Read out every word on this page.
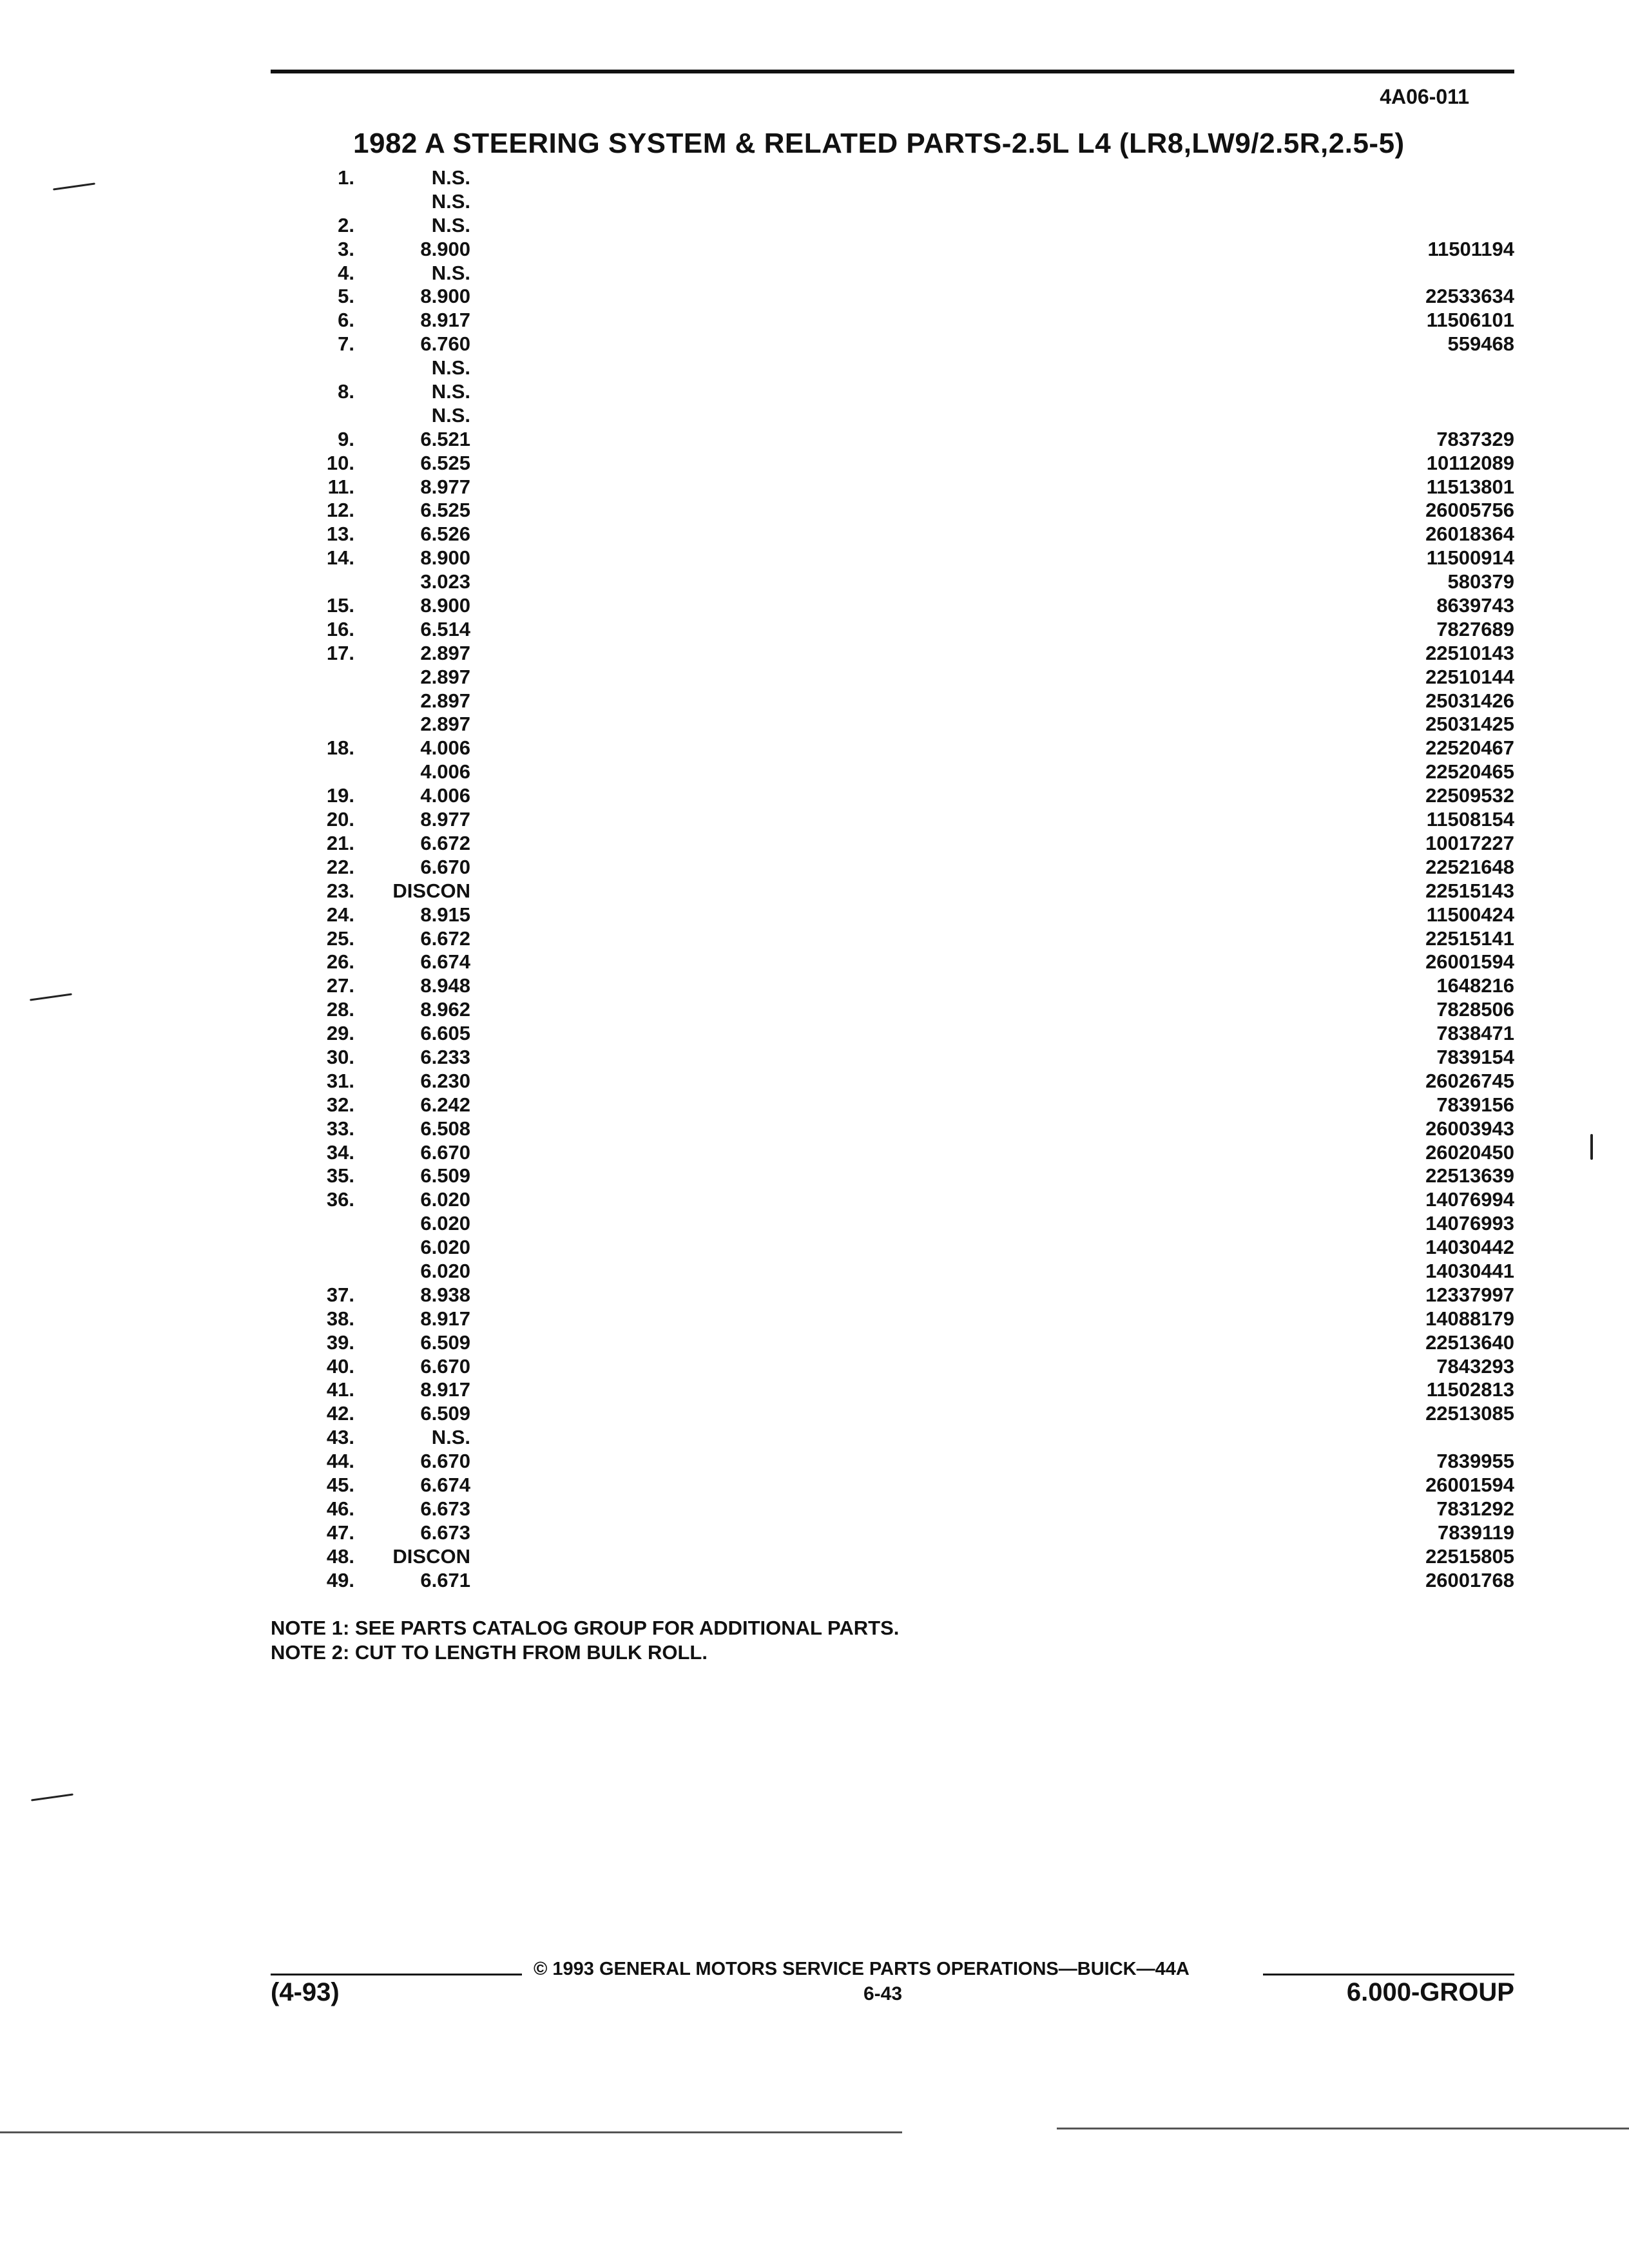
4A06-011
1982 A STEERING SYSTEM & RELATED PARTS-2.5L L4 (LR8,LW9/2.5R,2.5-5)
1.	N.S.
N.S.
2.	N.S.
3.	8.900	11501194
4.	N.S.
5.	8.900	22533634
6.	8.917	11506101
7.	6.760	559468
N.S.
8.	N.S.
N.S.
9.	6.521	7837329
10.	6.525	10112089
11.	8.977	11513801
12.	6.525	26005756
13.	6.526	26018364
14.	8.900	11500914
3.023	580379
15.	8.900	8639743
16.	6.514	7827689
17.	2.897	22510143
2.897	22510144
2.897	25031426
2.897	25031425
18.	4.006	22520467
4.006	22520465
19.	4.006	22509532
20.	8.977	11508154
21.	6.672	10017227
22.	6.670	22521648
23.	DISCON	22515143
24.	8.915	11500424
25.	6.672	22515141
26.	6.674	26001594
27.	8.948	1648216
28.	8.962	7828506
29.	6.605	7838471
30.	6.233	7839154
31.	6.230	26026745
32.	6.242	7839156
33.	6.508	26003943
34.	6.670	26020450
35.	6.509	22513639
36.	6.020	14076994
6.020	14076993
6.020	14030442
6.020	14030441
37.	8.938	12337997
38.	8.917	14088179
39.	6.509	22513640
40.	6.670	7843293
41.	8.917	11502813
42.	6.509	22513085
43.	N.S.
44.	6.670	7839955
45.	6.674	26001594
46.	6.673	7831292
47.	6.673	7839119
48.	DISCON	22515805
49.	6.671	26001768
NOTE 1: SEE PARTS CATALOG GROUP FOR ADDITIONAL PARTS.
NOTE 2: CUT TO LENGTH FROM BULK ROLL.
© 1993 GENERAL MOTORS SERVICE PARTS OPERATIONS—BUICK—44A
(4-93)	6-43	6.000-GROUP
